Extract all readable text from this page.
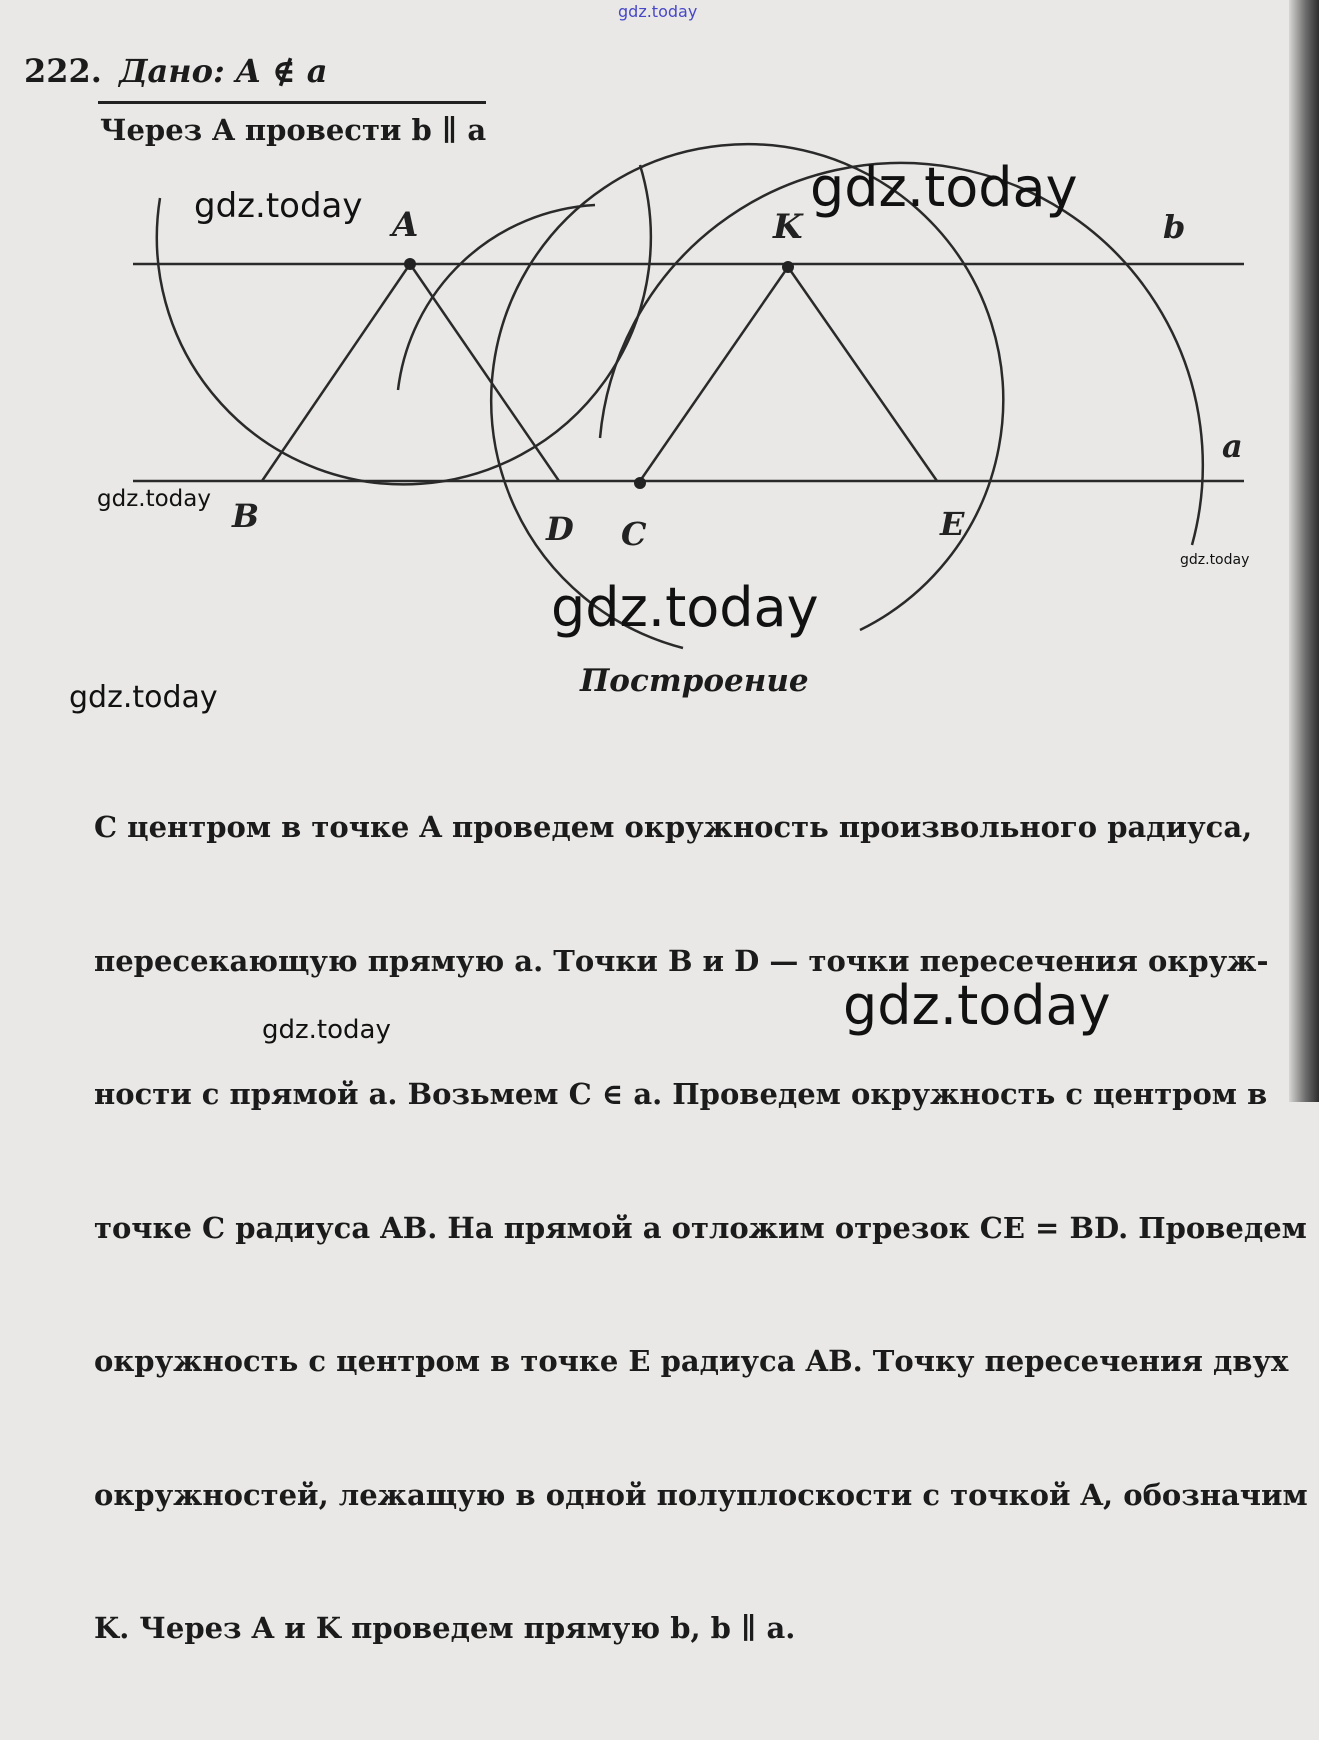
222. Дано: A ∉ a
Через A провести b ∥ a
A	K	b
a
B	D C	E
Построение

С центром в точке A проведем окружность произвольного радиуса,

пересекающую прямую a. Точки B и D — точки пересечения окруж-

ности с прямой a. Возьмем C ∈ a. Проведем окружность с центром в

точке C радиуса AB. На прямой a отложим отрезок CE = BD. Проведем

окружность с центром в точке E радиуса AB. Точку пересечения двух

окружностей, лежащую в одной полуплоскости с точкой A, обозначим

K. Через A и K проведем прямую b, b ∥ a.

gdz.today
gdz.today	gdz.today
gdz.today
gdz.today
gdz.today
gdz.today
gdz.today
gdz.today
